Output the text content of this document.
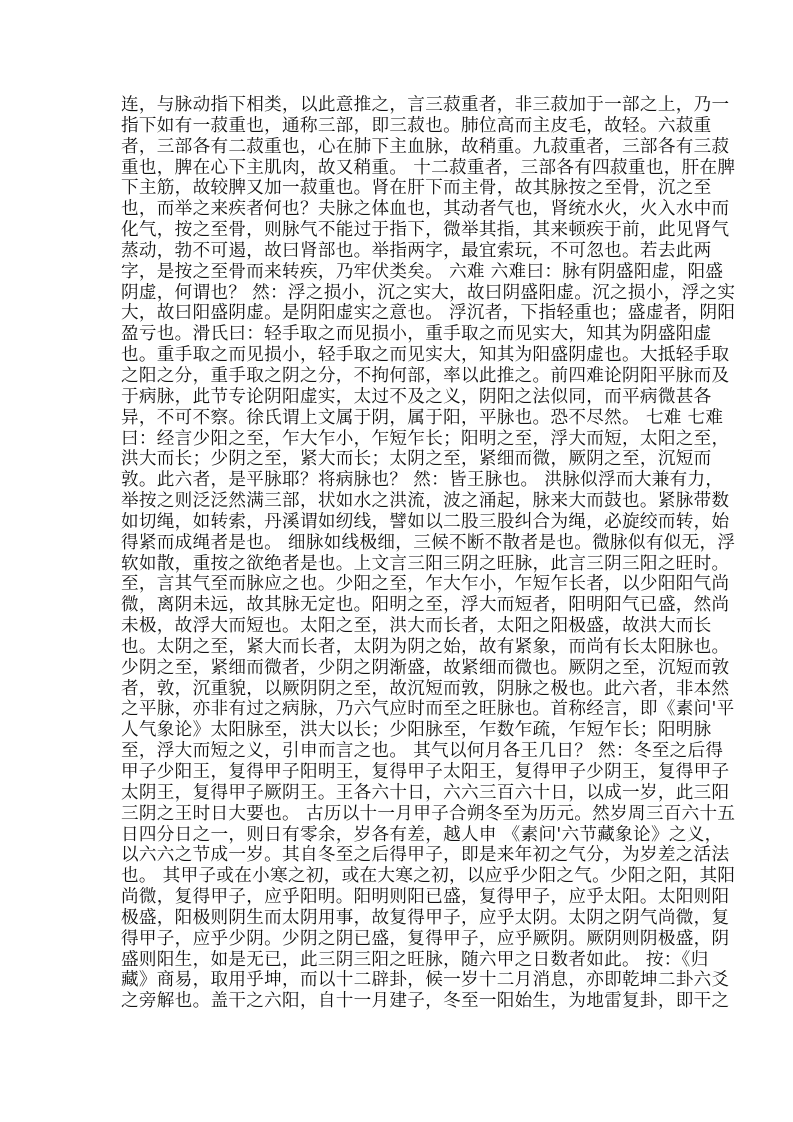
连，与脉动指下相类，以此意推之，言三菽重者，非三菽加于一部之上，乃一
指下如有一菽重也，通称三部，即三菽也。肺位高而主皮毛，故轻。六菽重
者，三部各有二菽重也，心在肺下主血脉，故稍重。九菽重者，三部各有三菽
重也，脾在心下主肌肉，故又稍重。 十二菽重者，三部各有四菽重也，肝在脾
下主筋，故较脾又加一菽重也。肾在肝下而主骨，故其脉按之至骨，沉之至
也，而举之来疾者何也？夫脉之体血也，其动者气也，肾统水火，火入水中而
化气，按之至骨，则脉气不能过于指下，微举其指，其来顿疾于前，此见肾气
蒸动，勃不可遏，故曰肾部也。举指两字，最宜索玩，不可忽也。若去此两
字，是按之至骨而来转疾，乃牢伏类矣。 六难 六难曰：脉有阴盛阳虚，阳盛
阴虚，何谓也？ 然：浮之损小，沉之实大，故曰阴盛阳虚。沉之损小，浮之实
大，故曰阳盛阴虚。是阴阳虚实之意也。 浮沉者，下指轻重也；盛虚者，阴阳
盈亏也。滑氏曰：轻手取之而见损小，重手取之而见实大，知其为阴盛阳虚
也。重手取之而见损小，轻手取之而见实大，知其为阳盛阴虚也。大抵轻手取
之阳之分，重手取之阴之分，不拘何部，率以此推之。前四难论阴阳平脉而及
于病脉，此节专论阴阳虚实，太过不及之义，阴阳之法似同，而平病微甚各
异，不可不察。徐氏谓上文属于阴，属于阳，平脉也。恐不尽然。 七难 七难
曰：经言少阳之至，乍大乍小，乍短乍长；阳明之至，浮大而短，太阳之至，
洪大而长；少阴之至，紧大而长；太阴之至，紧细而微，厥阴之至，沉短而
敦。此六者，是平脉耶？将病脉也？ 然：皆王脉也。 洪脉似浮而大兼有力，
举按之则泛泛然满三部，状如水之洪流，波之涌起，脉来大而鼓也。紧脉带数
如切绳，如转索，丹溪谓如纫线，譬如以二股三股纠合为绳，必旋绞而转，始
得紧而成绳者是也。 细脉如线极细，三候不断不散者是也。微脉似有似无，浮
软如散，重按之欲绝者是也。上文言三阳三阴之旺脉，此言三阴三阳之旺时。
至，言其气至而脉应之也。少阳之至，乍大乍小，乍短乍长者，以少阳阳气尚
微，离阴未远，故其脉无定也。阳明之至，浮大而短者，阳明阳气已盛，然尚
未极，故浮大而短也。太阳之至，洪大而长者，太阳之阳极盛，故洪大而长
也。太阴之至，紧大而长者，太阴为阴之始，故有紧象，而尚有长太阳脉也。
少阴之至，紧细而微者，少阴之阴渐盛，故紧细而微也。厥阴之至，沉短而敦
者，敦，沉重貌，以厥阴阴之至，故沉短而敦，阴脉之极也。此六者，非本然
之平脉，亦非有过之病脉，乃六气应时而至之旺脉也。首称经言，即《素问'平
人气象论》太阳脉至，洪大以长；少阳脉至，乍数乍疏，乍短乍长；阳明脉
至，浮大而短之义，引申而言之也。 其气以何月各王几日？ 然：冬至之后得
甲子少阳王，复得甲子阳明王，复得甲子太阳王，复得甲子少阴王，复得甲子
太阴王，复得甲子厥阴王。王各六十日，六六三百六十日，以成一岁，此三阳
三阴之王时日大要也。 古历以十一月甲子合朔冬至为历元。然岁周三百六十五
日四分日之一，则日有零余，岁各有差，越人申 《素问'六节藏象论》之义，
以六六之节成一岁。其自冬至之后得甲子，即是来年初之气分，为岁差之活法
也。 其甲子或在小寒之初，或在大寒之初，以应乎少阳之气。少阳之阳，其阳
尚微，复得甲子，应乎阳明。阳明则阳已盛，复得甲子，应乎太阳。太阳则阳
极盛，阳极则阴生而太阴用事，故复得甲子，应乎太阴。太阴之阴气尚微，复
得甲子，应乎少阴。少阴之阴已盛，复得甲子，应乎厥阴。厥阴则阴极盛，阴
盛则阳生，如是无已，此三阴三阳之旺脉，随六甲之日数者如此。 按：《归
藏》商易，取用乎坤，而以十二辟卦，候一岁十二月消息，亦即乾坤二卦六爻
之旁解也。盖干之六阳，自十一月建子，冬至一阳始生，为地雷复卦，即干之
